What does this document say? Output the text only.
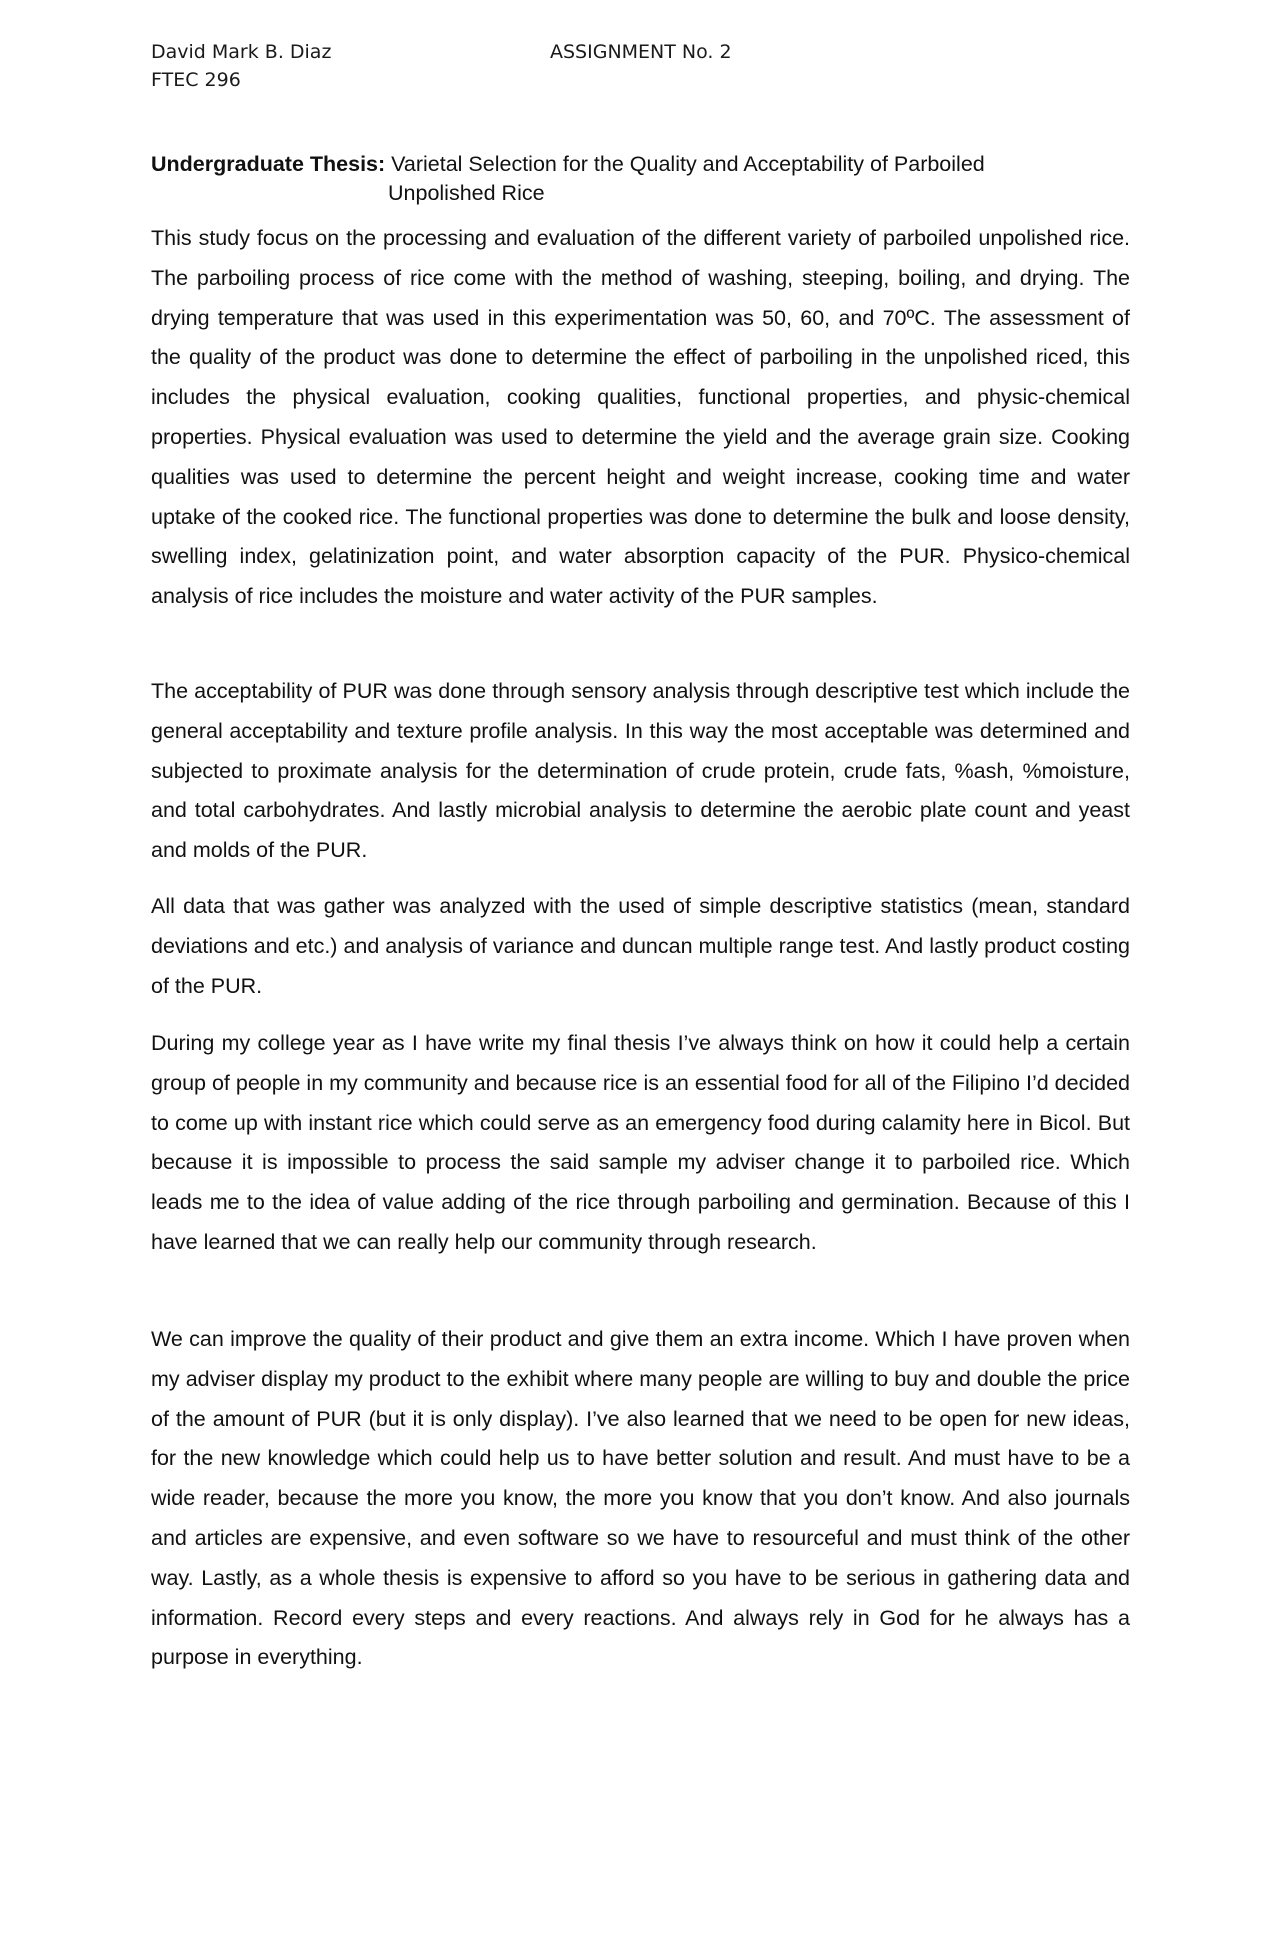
David Mark B. Diaz
FTEC 296
ASSIGNMENT No. 2
Undergraduate Thesis: Varietal Selection for the Quality and Acceptability of Parboiled
Unpolished Rice

This study focus on the processing and evaluation of the different variety of parboiled unpolished rice. The parboiling process of rice come with the method of washing, steeping, boiling, and drying. The drying temperature that was used in this experimentation was 50, 60, and 70ºC. The assessment of the quality of the product was done to determine the effect of parboiling in the unpolished riced, this includes the physical evaluation, cooking qualities, functional properties, and physic-chemical properties. Physical evaluation was used to determine the yield and the average grain size. Cooking qualities was used to determine the percent height and weight increase, cooking time and water uptake of the cooked rice. The functional properties was done to determine the bulk and loose density, swelling index, gelatinization point, and water absorption capacity of the PUR. Physico-chemical analysis of rice includes the moisture and water activity of the PUR samples.

The acceptability of PUR was done through sensory analysis through descriptive test which include the general acceptability and texture profile analysis. In this way the most acceptable was determined and subjected to proximate analysis for the determination of crude protein, crude fats, %ash, %moisture, and total carbohydrates. And lastly microbial analysis to determine the aerobic plate count and yeast and molds of the PUR.

All data that was gather was analyzed with the used of simple descriptive statistics (mean, standard deviations and etc.) and analysis of variance and duncan multiple range test. And lastly product costing of the PUR.

During my college year as I have write my final thesis I’ve always think on how it could help a certain group of people in my community and because rice is an essential food for all of the Filipino I’d decided to come up with instant rice which could serve as an emergency food during calamity here in Bicol. But because it is impossible to process the said sample my adviser change it to parboiled rice. Which leads me to the idea of value adding of the rice through parboiling and germination. Because of this I have learned that we can really help our community through research.

We can improve the quality of their product and give them an extra income. Which I have proven when my adviser display my product to the exhibit where many people are willing to buy and double the price of the amount of PUR (but it is only display). I’ve also learned that we need to be open for new ideas, for the new knowledge which could help us to have better solution and result. And must have to be a wide reader, because the more you know, the more you know that you don’t know. And also journals and articles are expensive, and even software so we have to resourceful and must think of the other way. Lastly, as a whole thesis is expensive to afford so you have to be serious in gathering data and information. Record every steps and every reactions. And always rely in God for he always has a purpose in everything.
